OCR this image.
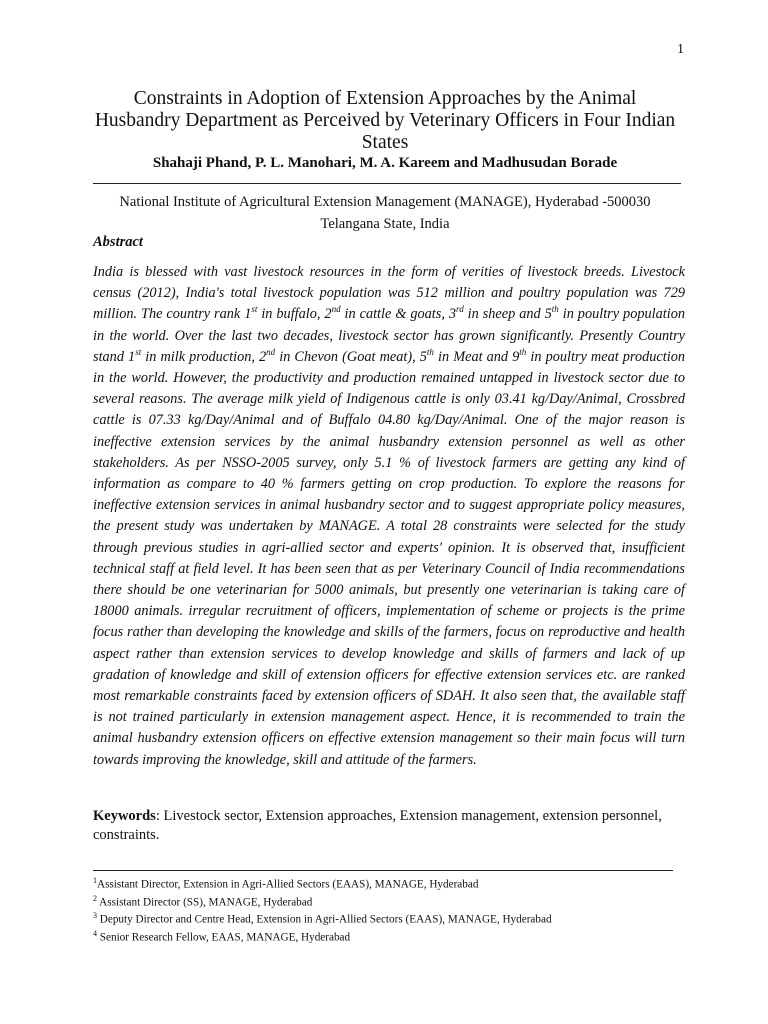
1
Constraints in Adoption of Extension Approaches by the Animal Husbandry Department as Perceived by Veterinary Officers in Four Indian States
Shahaji Phand, P. L. Manohari, M. A. Kareem and Madhusudan Borade
National Institute of Agricultural Extension Management (MANAGE), Hyderabad -500030
Telangana State, India
Abstract

India is blessed with vast livestock resources in the form of verities of livestock breeds. Livestock census (2012), India's total livestock population was 512 million and poultry population was 729 million. The country rank 1st in buffalo, 2nd in cattle & goats, 3rd in sheep and 5th in poultry population in the world. Over the last two decades, livestock sector has grown significantly. Presently Country stand 1st in milk production, 2nd in Chevon (Goat meat), 5th in Meat and 9th in poultry meat production in the world. However, the productivity and production remained untapped in livestock sector due to several reasons. The average milk yield of Indigenous cattle is only 03.41 kg/Day/Animal, Crossbred cattle is 07.33 kg/Day/Animal and of Buffalo 04.80 kg/Day/Animal. One of the major reason is ineffective extension services by the animal husbandry extension personnel as well as other stakeholders. As per NSSO-2005 survey, only 5.1 % of livestock farmers are getting any kind of information as compare to 40 % farmers getting on crop production. To explore the reasons for ineffective extension services in animal husbandry sector and to suggest appropriate policy measures, the present study was undertaken by MANAGE. A total 28 constraints were selected for the study through previous studies in agri-allied sector and experts' opinion. It is observed that, insufficient technical staff at field level. It has been seen that as per Veterinary Council of India recommendations there should be one veterinarian for 5000 animals, but presently one veterinarian is taking care of 18000 animals. irregular recruitment of officers, implementation of scheme or projects is the prime focus rather than developing the knowledge and skills of the farmers, focus on reproductive and health aspect rather than extension services to develop knowledge and skills of farmers and lack of up gradation of knowledge and skill of extension officers for effective extension services etc. are ranked most remarkable constraints faced by extension officers of SDAH. It also seen that, the available staff is not trained particularly in extension management aspect. Hence, it is recommended to train the animal husbandry extension officers on effective extension management so their main focus will turn towards improving the knowledge, skill and attitude of the farmers.

Keywords: Livestock sector, Extension approaches, Extension management, extension personnel, constraints.

$^1$Assistant Director, Extension in Agri-Allied Sectors (EAAS), MANAGE, Hyderabad
$^2$ Assistant Director (SS), MANAGE, Hyderabad
$^3$ Deputy Director and Centre Head, Extension in Agri-Allied Sectors (EAAS), MANAGE, Hyderabad
$^4$ Senior Research Fellow, EAAS, MANAGE, Hyderabad
